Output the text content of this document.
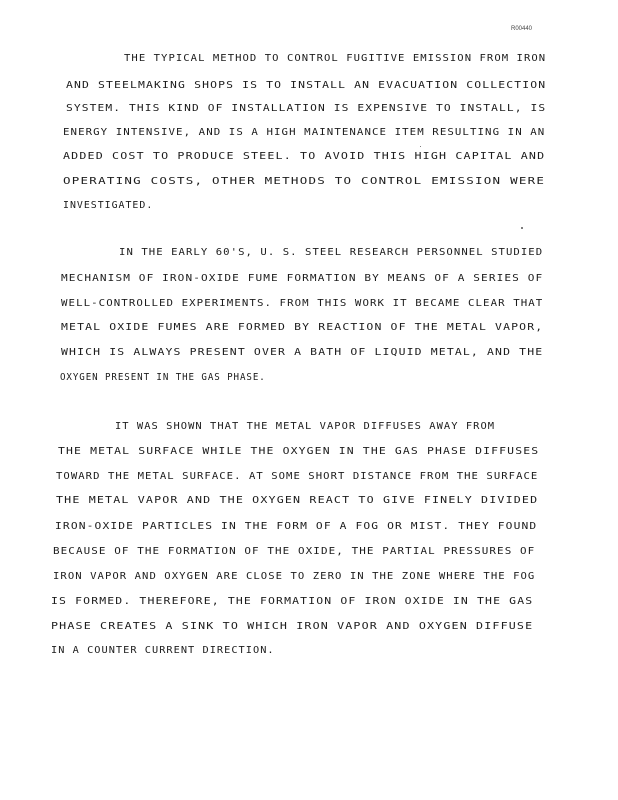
R00440
THE TYPICAL METHOD TO CONTROL FUGITIVE EMISSION FROM IRON
AND STEELMAKING SHOPS IS TO INSTALL AN EVACUATION COLLECTION
SYSTEM. THIS KIND OF INSTALLATION IS EXPENSIVE TO INSTALL, IS
ENERGY INTENSIVE, AND IS A HIGH MAINTENANCE ITEM RESULTING IN AN
ADDED COST TO PRODUCE STEEL. TO AVOID THIS HIGH CAPITAL AND
OPERATING COSTS, OTHER METHODS TO CONTROL EMISSION WERE
INVESTIGATED.
IN THE EARLY 60'S, U. S. STEEL RESEARCH PERSONNEL STUDIED
MECHANISM OF IRON-OXIDE FUME FORMATION BY MEANS OF A SERIES OF
WELL-CONTROLLED EXPERIMENTS. FROM THIS WORK IT BECAME CLEAR THAT
METAL OXIDE FUMES ARE FORMED BY REACTION OF THE METAL VAPOR,
WHICH IS ALWAYS PRESENT OVER A BATH OF LIQUID METAL, AND THE
OXYGEN PRESENT IN THE GAS PHASE.
IT WAS SHOWN THAT THE METAL VAPOR DIFFUSES AWAY FROM
THE METAL SURFACE WHILE THE OXYGEN IN THE GAS PHASE DIFFUSES
TOWARD THE METAL SURFACE. AT SOME SHORT DISTANCE FROM THE SURFACE
THE METAL VAPOR AND THE OXYGEN REACT TO GIVE FINELY DIVIDED
IRON-OXIDE PARTICLES IN THE FORM OF A FOG OR MIST. THEY FOUND
BECAUSE OF THE FORMATION OF THE OXIDE, THE PARTIAL PRESSURES OF
IRON VAPOR AND OXYGEN ARE CLOSE TO ZERO IN THE ZONE WHERE THE FOG
IS FORMED. THEREFORE, THE FORMATION OF IRON OXIDE IN THE GAS
PHASE CREATES A SINK TO WHICH IRON VAPOR AND OXYGEN DIFFUSE
IN A COUNTER CURRENT DIRECTION.
